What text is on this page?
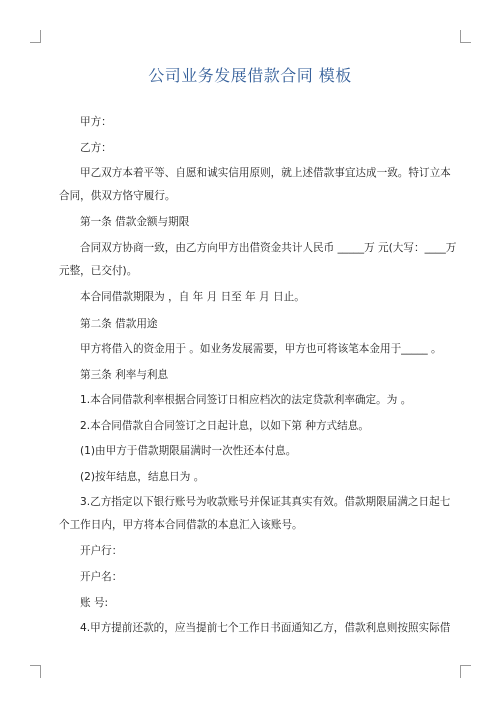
公司业务发展借款合同 模板
甲方：
乙方：
甲乙双方本着平等、自愿和诚实信用原则，就上述借款事宜达成一致。特订立本
合同，供双方恪守履行。
第一条 借款金额与期限
合同双方协商一致，由乙方向甲方出借资金共计人民币 _____万 元(大写：____万
元整，已交付)。
本合同借款期限为 ，自 年 月 日至 年 月 日止。
第二条 借款用途
甲方将借入的资金用于 。如业务发展需要，甲方也可将该笔本金用于_____ 。
第三条 利率与利息
1.本合同借款利率根据合同签订日相应档次的法定贷款利率确定。为 。
2.本合同借款自合同签订之日起计息，以如下第 种方式结息。
(1)由甲方于借款期限届满时一次性还本付息。
(2)按年结息，结息日为 。
3.乙方指定以下银行账号为收款账号并保证其真实有效。借款期限届满之日起七
个工作日内，甲方将本合同借款的本息汇入该账号。
开户行：
开户名：
账 号:
4.甲方提前还款的，应当提前七个工作日书面通知乙方，借款利息则按照实际借
